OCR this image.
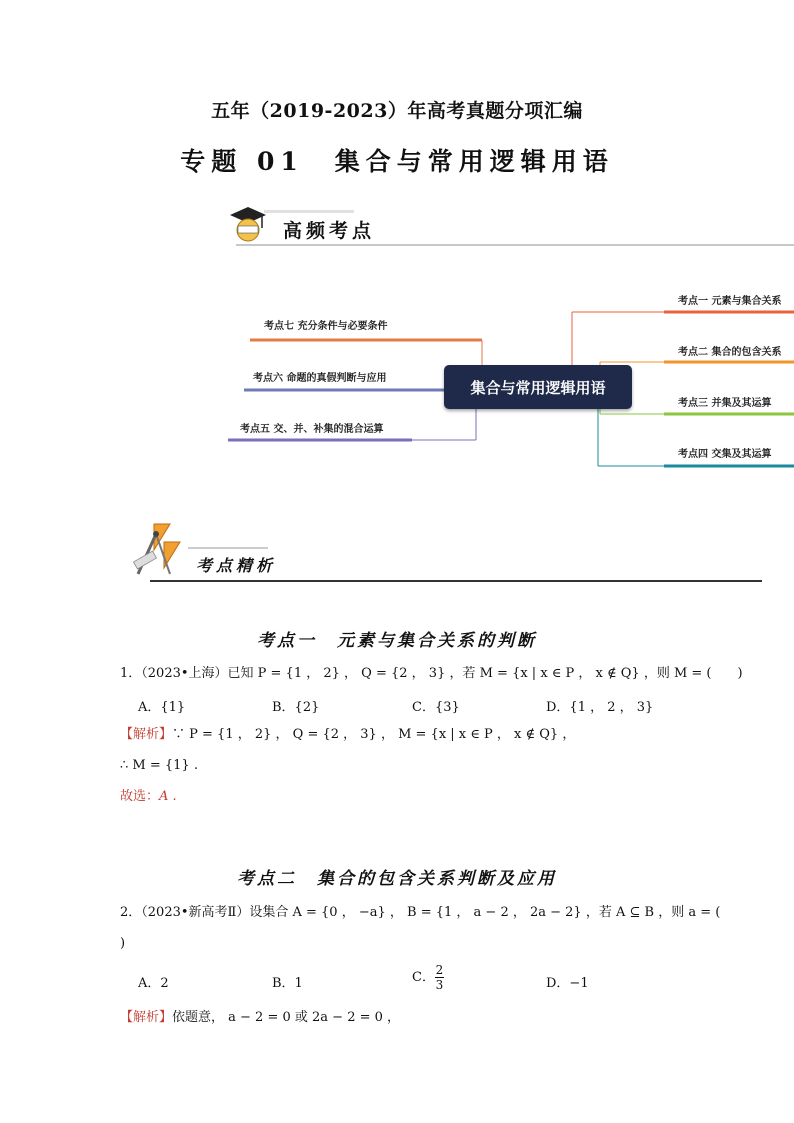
五年（2019-2023）年高考真题分项汇编
专题 01　集合与常用逻辑用语
高频考点
集合与常用逻辑用语
考点七 充分条件与必要条件
考点六 命题的真假判断与应用
考点五 交、并、补集的混合运算
考点一 元素与集合关系
考点二 集合的包含关系
考点三 并集及其运算
考点四 交集及其运算
考点精析
考点一　元素与集合关系的判断
1．（2023•上海）已知 P = {1 ， 2} ， Q = {2 ， 3} ，若 M = {x | x ∈ P ， x ∉ Q} ，则 M = (　　)
A．{1}	B．{2}	C．{3}	D．{1 ， 2 ， 3}
【解析】∵ P = {1 ， 2} ， Q = {2 ， 3} ， M = {x | x ∈ P ， x ∉ Q} ，
∴ M = {1} .
故选：A .
考点二　集合的包含关系判断及应用
2．（2023•新高考Ⅱ）设集合 A = {0 ， −a} ， B = {1 ， a − 2 ， 2a − 2} ，若 A ⊆ B ，则 a = (
)
A．2	B．1	C． $\frac{2}{3}$	D．−1
【解析】依题意， a − 2 = 0 或 2a − 2 = 0 ，
